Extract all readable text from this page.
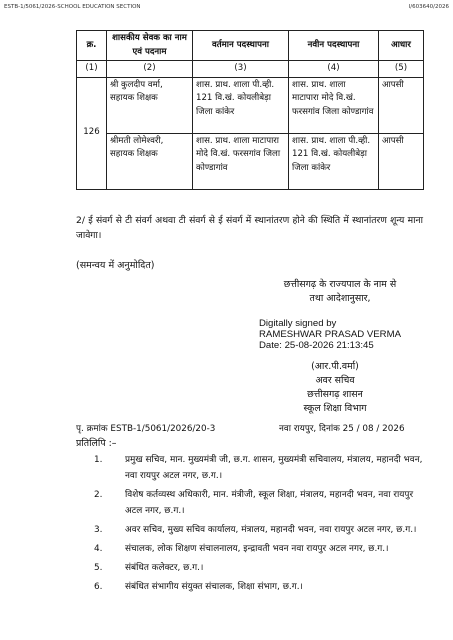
ESTB-1/5061/2026-SCHOOL EDUCATION SECTION	I/603640/2026
क्र.	शासकीय सेवक का नाम एवं पदनाम	वर्तमान पदस्थापना	नवीन पदस्थापना	आधार
(1)	(2)	(3)	(4)	(5)
126	श्री कुलदीप वर्मा, सहायक शिक्षक	शास. प्राथ. शाला पी.व्ही. 121 वि.खं. कोयलीबेड़ा जिला कांकेर	शास. प्राथ. शाला माटापारा मोदे वि.खं. फरसगांव जिला कोण्डागांव	आपसी
	श्रीमती लोमेश्वरी, सहायक शिक्षक	शास. प्राथ. शाला माटापारा मोदे वि.खं. फरसगांव जिला कोण्डागांव	शास. प्राथ. शाला पी.व्ही. 121 वि.खं. कोयलीबेड़ा जिला कांकेर	आपसी
2/ ई संवर्ग से टी संवर्ग अथवा टी संवर्ग से ई संवर्ग में स्थानांतरण होने की स्थिति में स्थानांतरण शून्य माना जावेगा।
(समन्वय में अनुमोदित)
छत्तीसगढ़ के राज्यपाल के नाम से
तथा आदेशानुसार,
Digitally signed by
RAMESHWAR PRASAD VERMA
Date: 25-08-2026 21:13:45
(आर.पी.वर्मा)
अवर सचिव
छत्तीसगढ़ शासन
स्कूल शिक्षा विभाग
पृ. क्रमांक ESTB-1/5061/2026/20-3	नवा रायपुर, दिनांक 25 / 08 / 2026
प्रतिलिपि :–
1.	प्रमुख सचिव, मान. मुख्यमंत्री जी, छ.ग. शासन, मुख्यमंत्री सचिवालय, मंत्रालय, महानदी भवन, नवा रायपुर अटल नगर, छ.ग.।
2.	विशेष कर्तव्यस्थ अधिकारी, मान. मंत्रीजी, स्कूल शिक्षा, मंत्रालय, महानदी भवन, नवा रायपुर अटल नगर, छ.ग.।
3.	अवर सचिव, मुख्य सचिव कार्यालय, मंत्रालय, महानदी भवन, नवा रायपुर अटल नगर, छ.ग.।
4.	संचालक, लोक शिक्षण संचालनालय, इन्द्रावती भवन नवा रायपुर अटल नगर, छ.ग.।
5.	संबंधित कलेक्टर, छ.ग.।
6.	संबंधित संभागीय संयुक्त संचालक, शिक्षा संभाग, छ.ग.।
